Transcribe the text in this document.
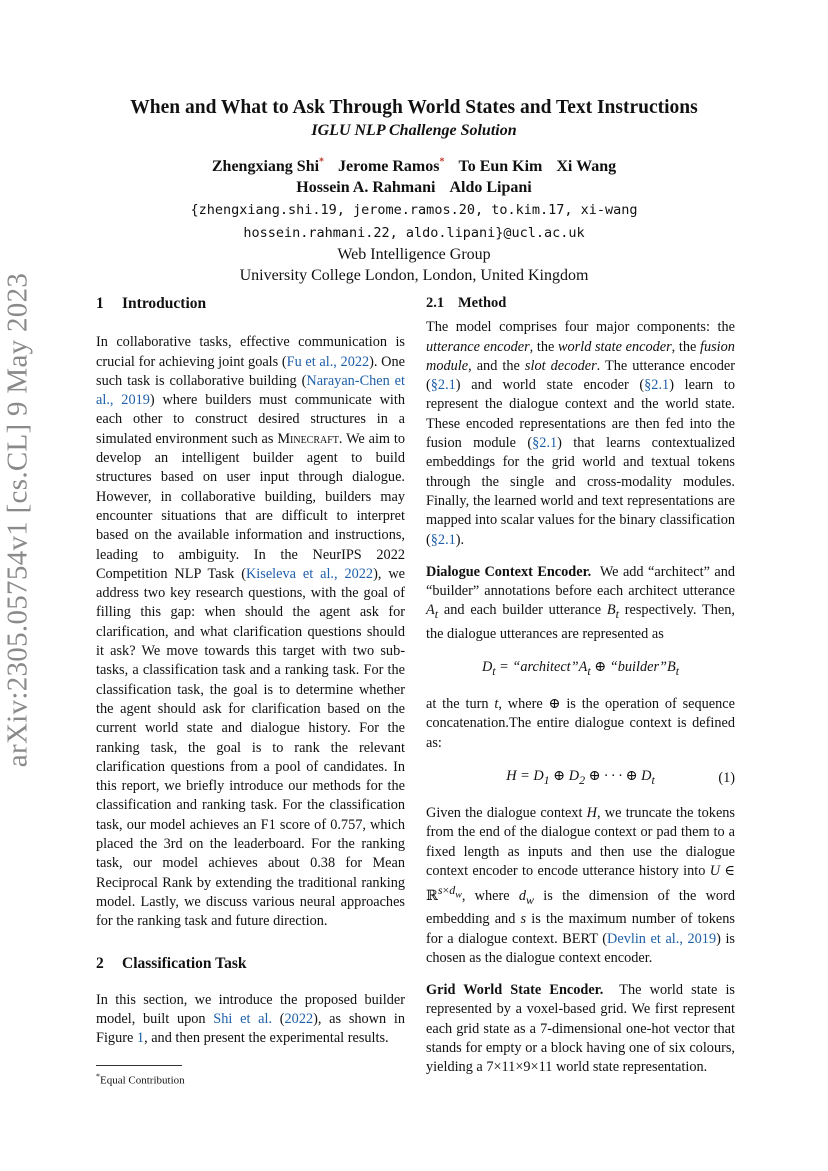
arXiv:2305.05754v1 [cs.CL] 9 May 2023
When and What to Ask Through World States and Text Instructions
IGLU NLP Challenge Solution
Zhengxiang Shi* Jerome Ramos* To Eun Kim Xi Wang
Hossein A. Rahmani Aldo Lipani
{zhengxiang.shi.19, jerome.ramos.20, to.kim.17, xi-wang
hossein.rahmani.22, aldo.lipani}@ucl.ac.uk
Web Intelligence Group
University College London, London, United Kingdom
1	Introduction

In collaborative tasks, effective communication is crucial for achieving joint goals (Fu et al., 2022). One such task is collaborative building (Narayan-Chen et al., 2019) where builders must communicate with each other to construct desired structures in a simulated environment such as Minecraft. We aim to develop an intelligent builder agent to build structures based on user input through dialogue. However, in collaborative building, builders may encounter situations that are difficult to interpret based on the available information and instructions, leading to ambiguity. In the NeurIPS 2022 Competition NLP Task (Kiseleva et al., 2022), we address two key research questions, with the goal of filling this gap: when should the agent ask for clarification, and what clarification questions should it ask? We move towards this target with two sub-tasks, a classification task and a ranking task. For the classification task, the goal is to determine whether the agent should ask for clarification based on the current world state and dialogue history. For the ranking task, the goal is to rank the relevant clarification questions from a pool of candidates. In this report, we briefly introduce our methods for the classification and ranking task. For the classification task, our model achieves an F1 score of 0.757, which placed the 3rd on the leaderboard. For the ranking task, our model achieves about 0.38 for Mean Reciprocal Rank by extending the traditional ranking model. Lastly, we discuss various neural approaches for the ranking task and future direction.

2	Classification Task

In this section, we introduce the proposed builder model, built upon Shi et al. (2022), as shown in Figure 1, and then present the experimental results.

*Equal Contribution
2.1 Method

The model comprises four major components: the utterance encoder, the world state encoder, the fusion module, and the slot decoder. The utterance encoder (§2.1) and world state encoder (§2.1) learn to represent the dialogue context and the world state. These encoded representations are then fed into the fusion module (§2.1) that learns contextualized embeddings for the grid world and textual tokens through the single and cross-modality modules. Finally, the learned world and text representations are mapped into scalar values for the binary classification (§2.1).

Dialogue Context Encoder. We add “architect” and “builder” annotations before each architect utterance $A_t$ and each builder utterance $B_t$ respectively. Then, the dialogue utterances are represented as

$D_t$ = “$architect”A_t$ ⊕ “$builder”B_t$

at the turn t, where ⊕ is the operation of sequence concatenation.The entire dialogue context is defined as:

$H = D_1$ ⊕ $D_2$ ⊕ · · · ⊕ $D_t$	(1)

Given the dialogue context H, we truncate the tokens from the end of the dialogue context or pad them to a fixed length as inputs and then use the dialogue context encoder to encode utterance history into U ∈ ℝ$^{s\times d_w}$, where $d_w$ is the dimension of the word embedding and s is the maximum number of tokens for a dialogue context. BERT (Devlin et al., 2019) is chosen as the dialogue context encoder.

Grid World State Encoder. The world state is represented by a voxel-based grid. We first represent each grid state as a 7-dimensional one-hot vector that stands for empty or a block having one of six colours, yielding a 7×11×9×11 world state representation.
